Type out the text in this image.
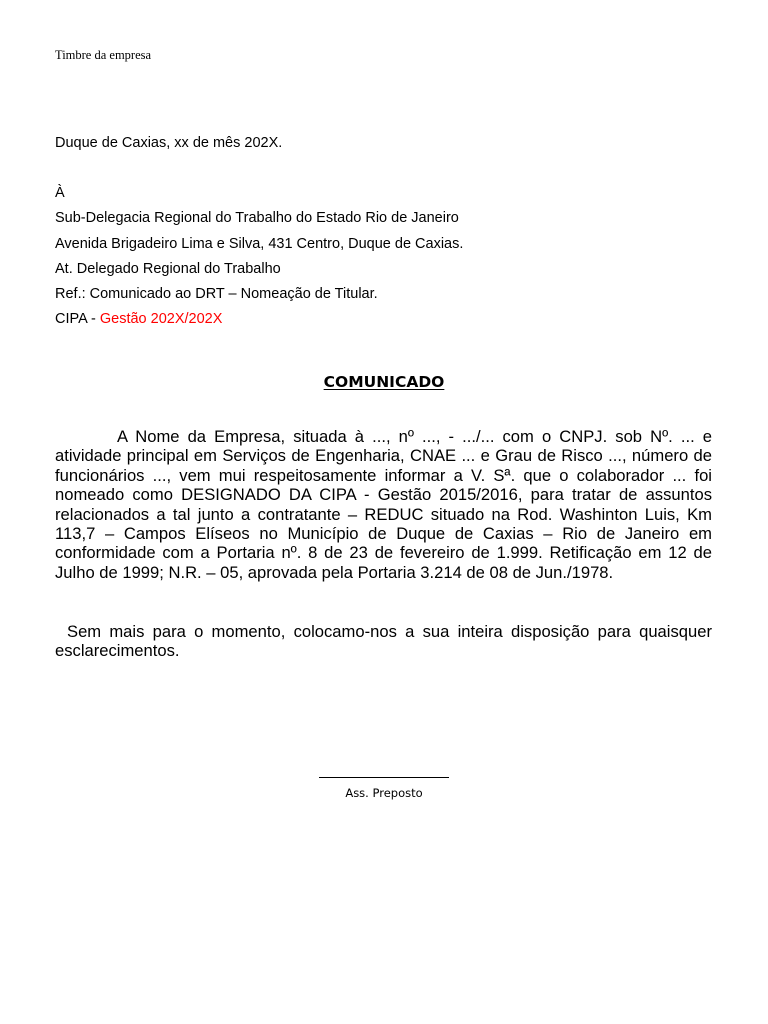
Timbre da empresa
Duque de Caxias, xx de mês 202X.
À
Sub-Delegacia Regional do Trabalho do Estado Rio de Janeiro
Avenida Brigadeiro Lima e Silva, 431 Centro, Duque de Caxias.
At. Delegado Regional do Trabalho
Ref.: Comunicado ao DRT – Nomeação de Titular.
CIPA - Gestão 202X/202X
COMUNICADO

A Nome da Empresa, situada à ..., nº ..., - .../... com o CNPJ. sob Nº. ... e atividade principal em Serviços de Engenharia, CNAE ... e Grau de Risco ..., número de funcionários ..., vem mui respeitosamente informar a V. Sª. que o colaborador ... foi nomeado como DESIGNADO DA CIPA - Gestão 2015/2016, para tratar de assuntos relacionados a tal junto a contratante – REDUC situado na Rod. Washinton Luis, Km 113,7 – Campos Elíseos no Município de Duque de Caxias – Rio de Janeiro em conformidade com a Portaria nº. 8 de 23 de fevereiro de 1.999. Retificação em 12 de Julho de 1999; N.R. – 05, aprovada pela Portaria 3.214 de 08 de Jun./1978.

Sem mais para o momento, colocamo-nos a sua inteira disposição para quaisquer esclarecimentos.

Ass. Preposto
